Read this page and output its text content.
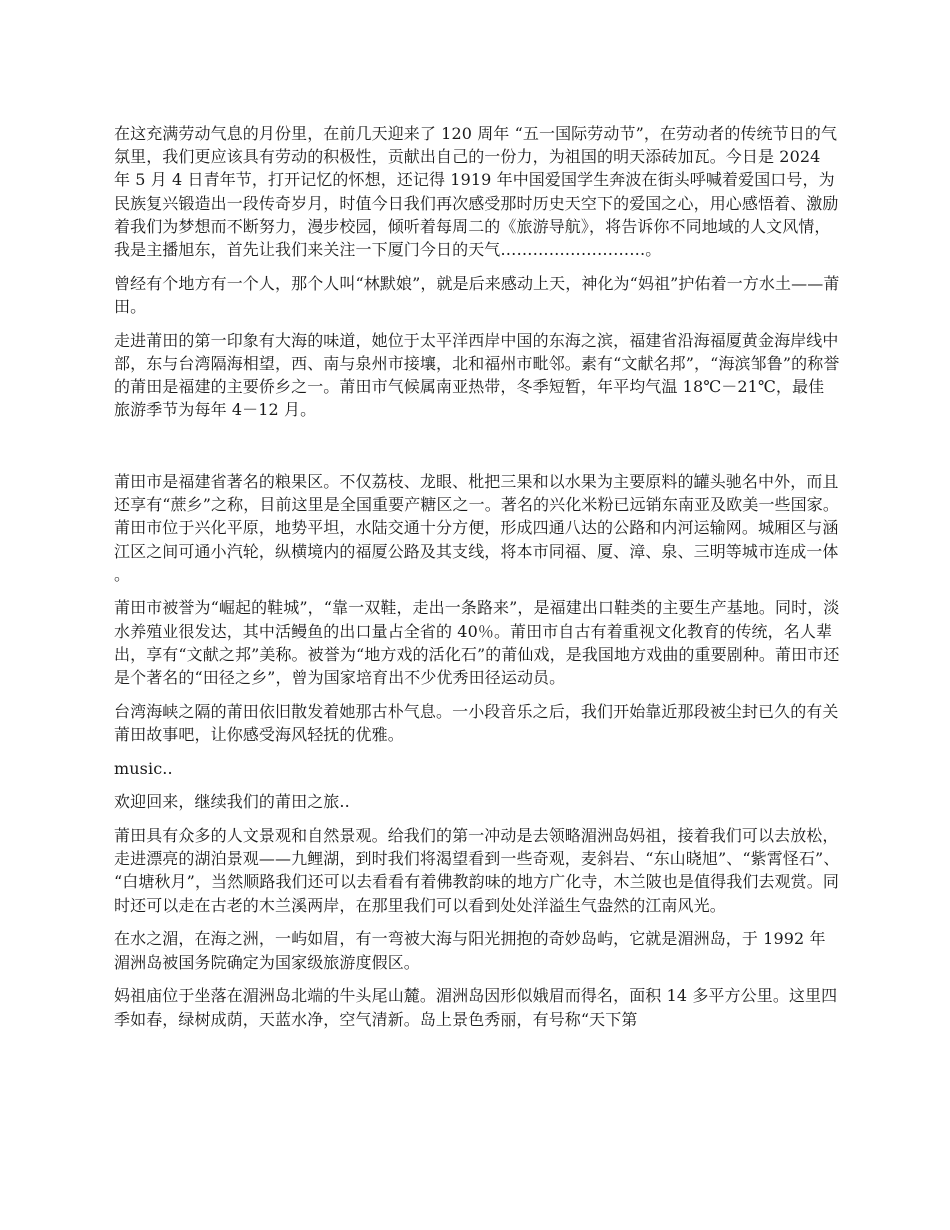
在这充满劳动气息的月份里，在前几天迎来了 120 周年 “五一国际劳动节”，在劳动者的传统节日的气氛里，我们更应该具有劳动的积极性，贡献出自己的一份力，为祖国的明天添砖加瓦。今日是 2024 年 5 月 4 日青年节，打开记忆的怀想，还记得 1919 年中国爱国学生奔波在街头呼喊着爱国口号，为民族复兴锻造出一段传奇岁月，时值今日我们再次感受那时历史天空下的爱国之心，用心感悟着、激励着我们为梦想而不断努力，漫步校园，倾听着每周二的《旅游导航》，将告诉你不同地域的人文风情，我是主播旭东，首先让我们来关注一下厦门今日的天气………………………。

曾经有个地方有一个人，那个人叫“林默娘”，就是后来感动上天，神化为“妈祖”护佑着一方水土——莆田。

走进莆田的第一印象有大海的味道，她位于太平洋西岸中国的东海之滨，福建省沿海福厦黄金海岸线中部，东与台湾隔海相望，西、南与泉州市接壤，北和福州市毗邻。素有“文献名邦”，“海滨邹鲁”的称誉的莆田是福建的主要侨乡之一。莆田市气候属南亚热带，冬季短暂，年平均气温 18℃－21℃，最佳旅游季节为每年 4－12 月。

莆田市是福建省著名的粮果区。不仅荔枝、龙眼、枇把三果和以水果为主要原料的罐头驰名中外，而且还享有“蔗乡”之称，目前这里是全国重要产糖区之一。著名的兴化米粉已远销东南亚及欧美一些国家。莆田市位于兴化平原，地势平坦，水陆交通十分方便，形成四通八达的公路和内河运输网。城厢区与涵江区之间可通小汽轮，纵横境内的福厦公路及其支线，将本市同福、厦、漳、泉、三明等城市连成一体。

莆田市被誉为“崛起的鞋城”，“靠一双鞋，走出一条路来”，是福建出口鞋类的主要生产基地。同时，淡水养殖业很发达，其中活鳗鱼的出口量占全省的 40％。莆田市自古有着重视文化教育的传统，名人辈出，享有“文献之邦”美称。被誉为“地方戏的活化石”的莆仙戏，是我国地方戏曲的重要剧种。莆田市还是个著名的“田径之乡”，曾为国家培育出不少优秀田径运动员。

台湾海峡之隔的莆田依旧散发着她那古朴气息。一小段音乐之后，我们开始靠近那段被尘封已久的有关莆田故事吧，让你感受海风轻抚的优雅。

music..

欢迎回来，继续我们的莆田之旅..

莆田具有众多的人文景观和自然景观。给我们的第一冲动是去领略湄洲岛妈祖，接着我们可以去放松，走进漂亮的湖泊景观——九鲤湖，到时我们将渴望看到一些奇观，麦斜岩、“东山晓旭”、“紫霄怪石”、“白塘秋月”，当然顺路我们还可以去看看有着佛教韵味的地方广化寺，木兰陂也是值得我们去观赏。同时还可以走在古老的木兰溪两岸，在那里我们可以看到处处洋溢生气盎然的江南风光。

在水之湄，在海之洲，一屿如眉，有一弯被大海与阳光拥抱的奇妙岛屿，它就是湄洲岛，于 1992 年湄洲岛被国务院确定为国家级旅游度假区。

妈祖庙位于坐落在湄洲岛北端的牛头尾山麓。湄洲岛因形似娥眉而得名，面积 14 多平方公里。这里四季如春，绿树成荫，天蓝水净，空气清新。岛上景色秀丽，有号称“天下第
